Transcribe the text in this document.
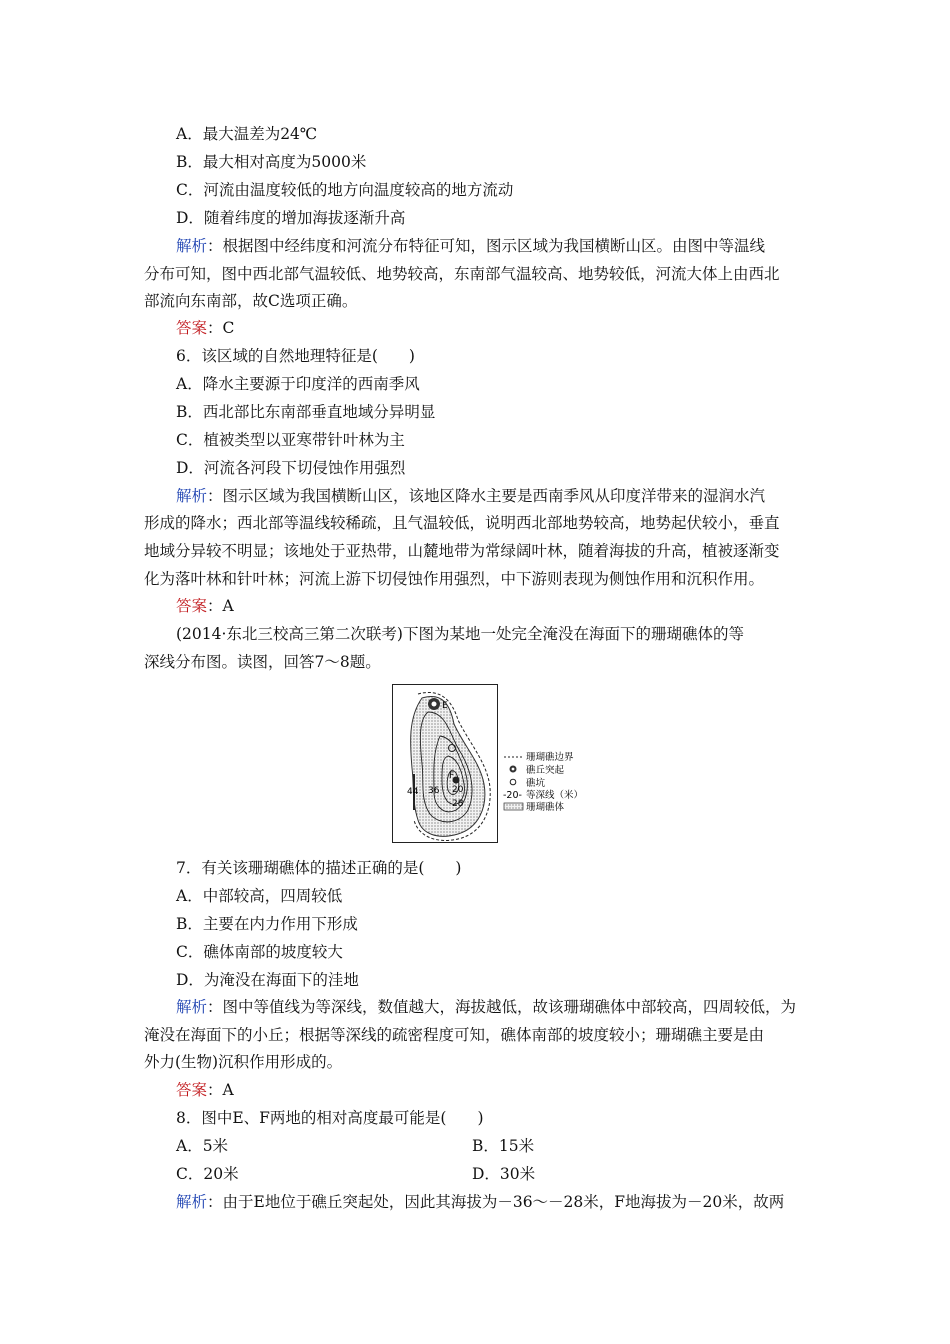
A．最大温差为24℃
B．最大相对高度为5000米
C．河流由温度较低的地方向温度较高的地方流动
D．随着纬度的增加海拔逐渐升高
解析：根据图中经纬度和河流分布特征可知，图示区域为我国横断山区。由图中等温线
分布可知，图中西北部气温较低、地势较高，东南部气温较高、地势较低，河流大体上由西北
部流向东南部，故C选项正确。
答案：C
6．该区域的自然地理特征是(　　)
A．降水主要源于印度洋的西南季风
B．西北部比东南部垂直地域分异明显
C．植被类型以亚寒带针叶林为主
D．河流各河段下切侵蚀作用强烈
解析：图示区域为我国横断山区，该地区降水主要是西南季风从印度洋带来的湿润水汽
形成的降水；西北部等温线较稀疏，且气温较低，说明西北部地势较高，地势起伏较小，垂直
地域分异较不明显；该地处于亚热带，山麓地带为常绿阔叶林，随着海拔的升高，植被逐渐变
化为落叶林和针叶林；河流上游下切侵蚀作用强烈，中下游则表现为侧蚀作用和沉积作用。
答案：A
(2014·东北三校高三第二次联考)下图为某地一处完全淹没在海面下的珊瑚礁体的等
深线分布图。读图，回答7～8题。
E
F
44 36 20
28
珊瑚礁边界
礁丘突起
礁坑
-20- 等深线（米）
珊瑚礁体
7．有关该珊瑚礁体的描述正确的是(　　)
A．中部较高，四周较低
B．主要在内力作用下形成
C．礁体南部的坡度较大
D．为淹没在海面下的洼地
解析：图中等值线为等深线，数值越大，海拔越低，故该珊瑚礁体中部较高，四周较低，为
淹没在海面下的小丘；根据等深线的疏密程度可知，礁体南部的坡度较小；珊瑚礁主要是由
外力(生物)沉积作用形成的。
答案：A
8．图中E、F两地的相对高度最可能是(　　)
A．5米	B．15米
C．20米	D．30米
解析：由于E地位于礁丘突起处，因此其海拔为－36～－28米，F地海拔为－20米，故两
